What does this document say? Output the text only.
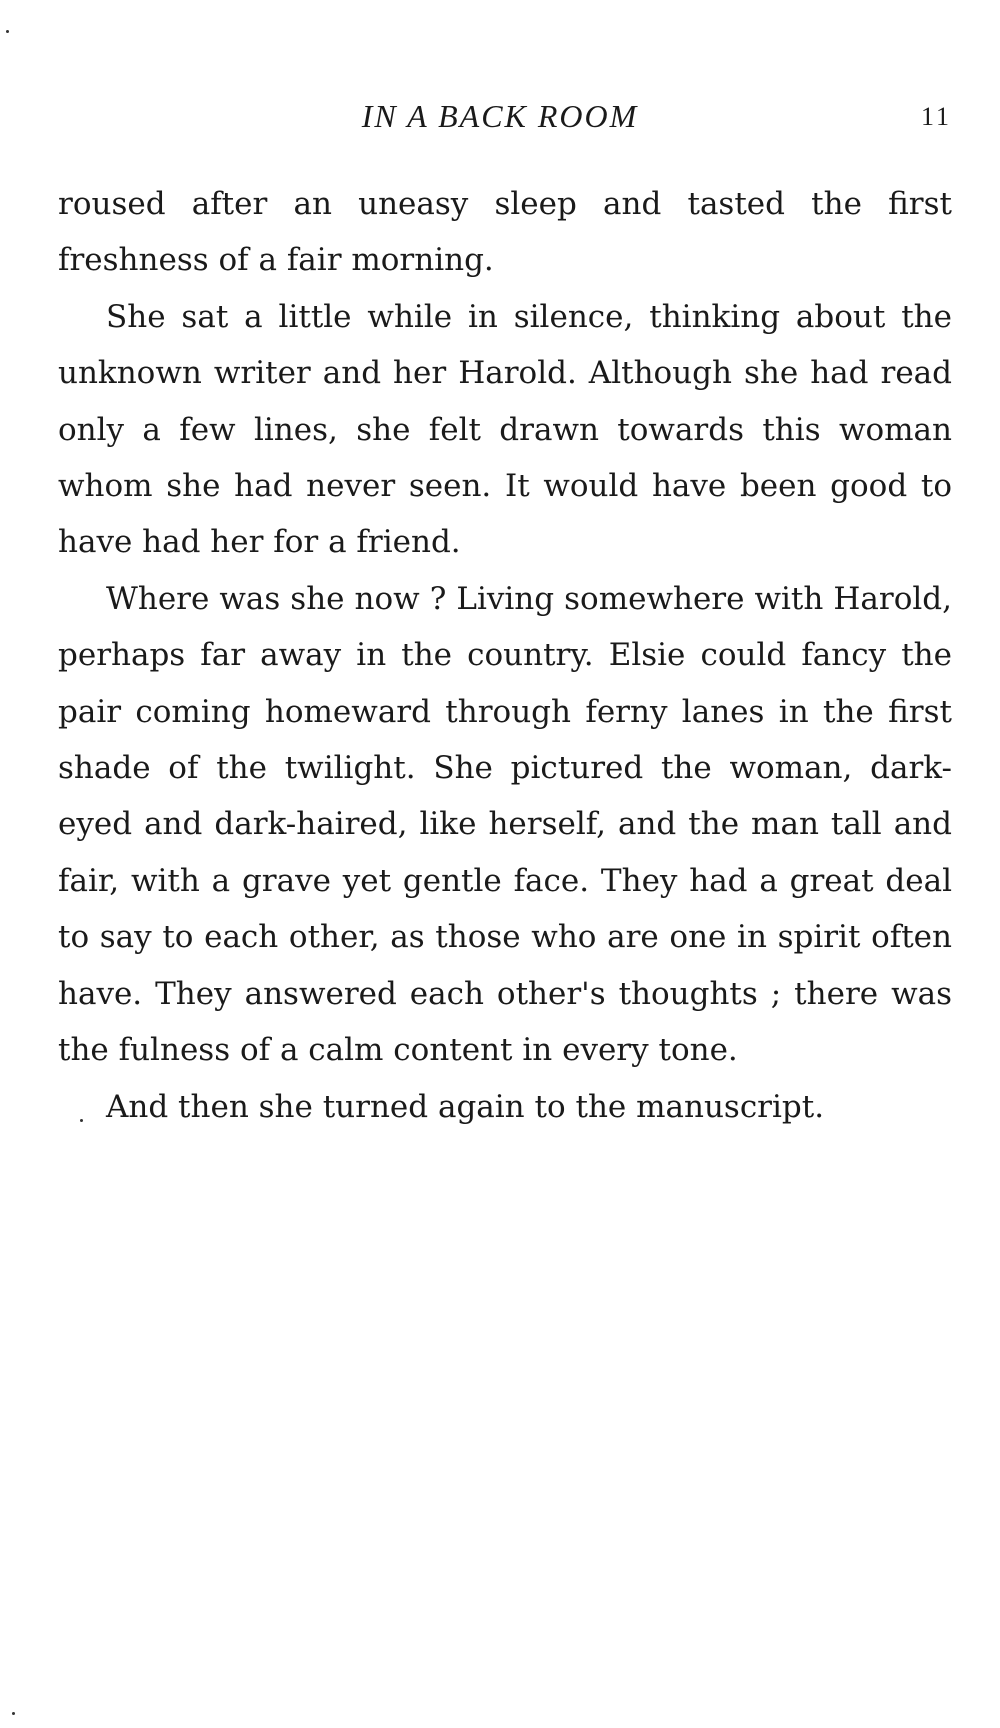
IN A BACK ROOM	11

roused after an uneasy sleep and tasted the first freshness of a fair morning.

She sat a little while in silence, thinking about the unknown writer and her Harold. Although she had read only a few lines, she felt drawn towards this woman whom she had never seen. It would have been good to have had her for a friend.

Where was she now ? Living somewhere with Harold, perhaps far away in the country. Elsie could fancy the pair coming homeward through ferny lanes in the first shade of the twilight. She pictured the woman, dark-eyed and dark-haired, like herself, and the man tall and fair, with a grave yet gentle face. They had a great deal to say to each other, as those who are one in spirit often have. They answered each other's thoughts ; there was the fulness of a calm content in every tone.

And then she turned again to the manuscript.
